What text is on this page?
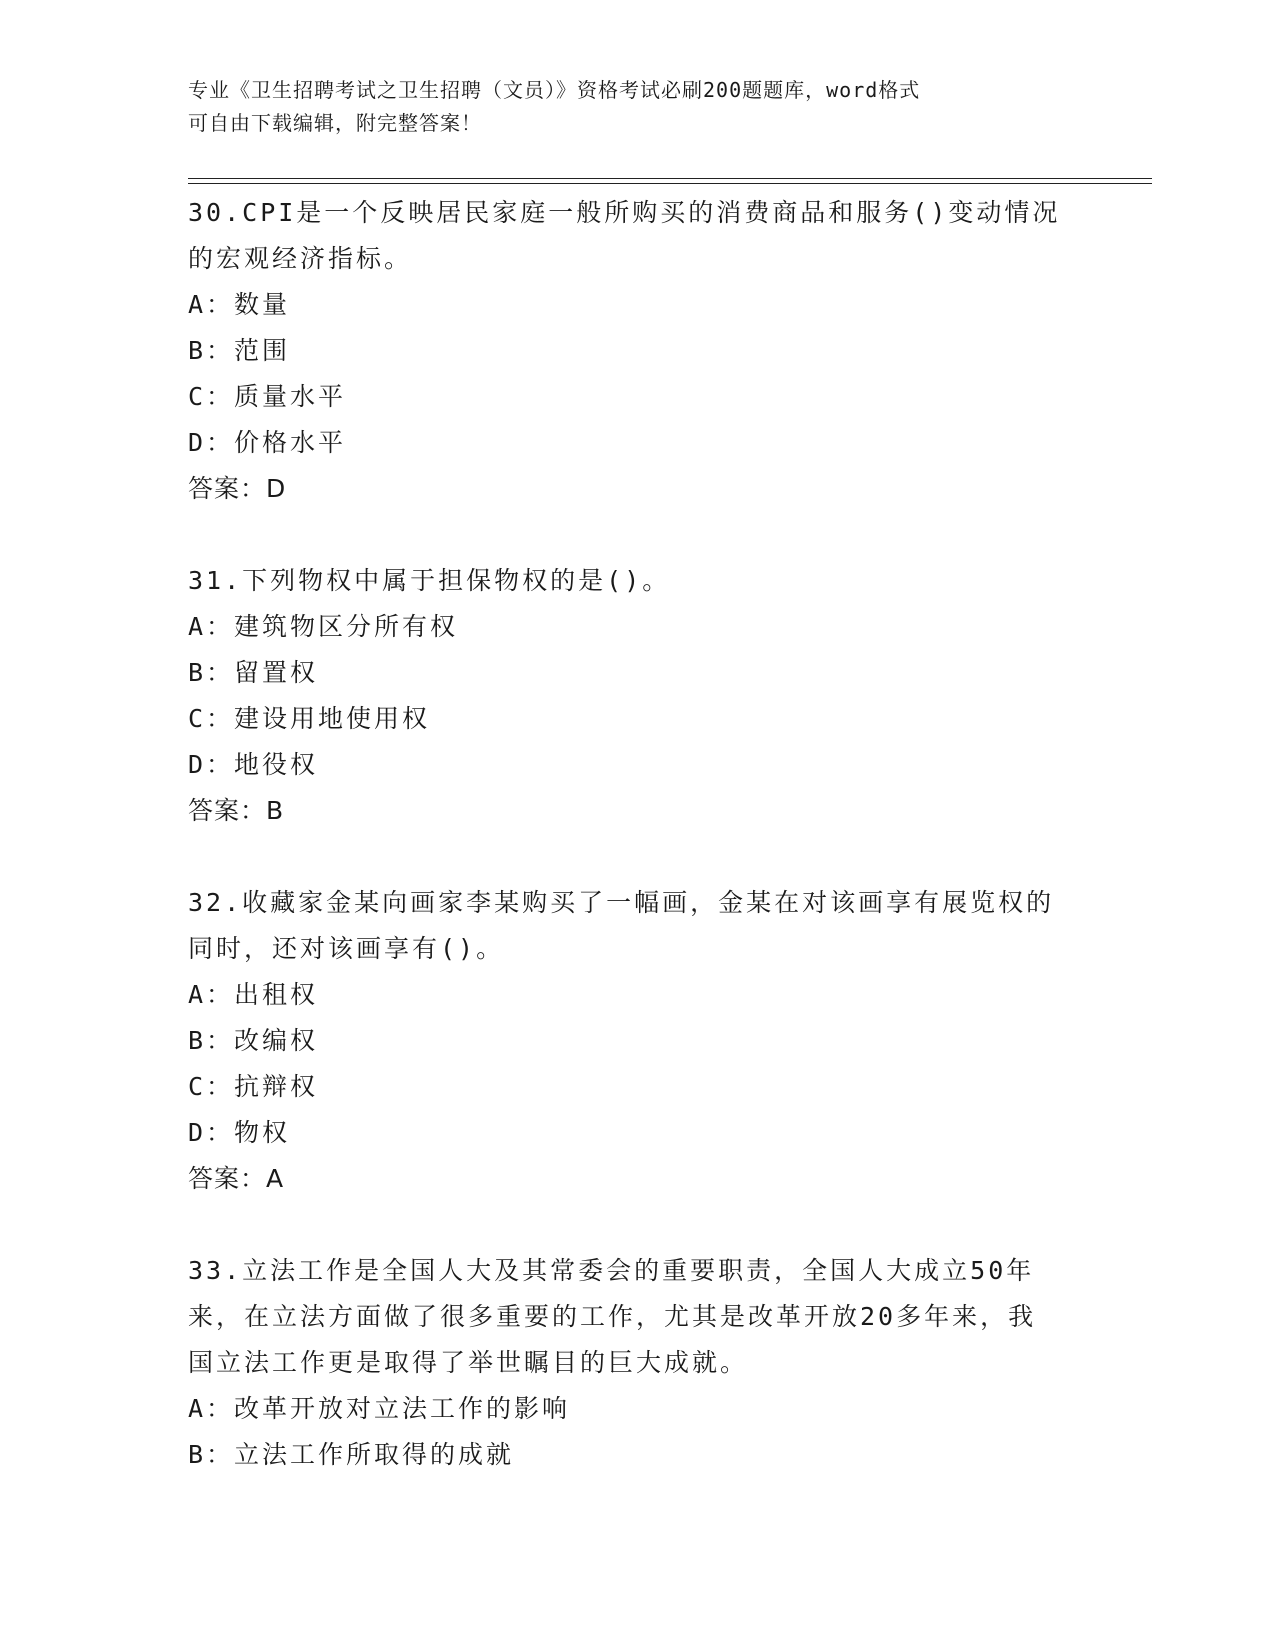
专业《卫生招聘考试之卫生招聘（文员）》资格考试必刷200题题库，word格式
可自由下载编辑，附完整答案！
30.CPI是一个反映居民家庭一般所购买的消费商品和服务()变动情况
的宏观经济指标。
A：数量
B：范围
C：质量水平
D：价格水平
答案：D
31.下列物权中属于担保物权的是()。
A：建筑物区分所有权
B：留置权
C：建设用地使用权
D：地役权
答案：B
32.收藏家金某向画家李某购买了一幅画，金某在对该画享有展览权的
同时，还对该画享有()。
A：出租权
B：改编权
C：抗辩权
D：物权
答案：A
33.立法工作是全国人大及其常委会的重要职责，全国人大成立50年
来，在立法方面做了很多重要的工作，尤其是改革开放20多年来，我
国立法工作更是取得了举世瞩目的巨大成就。
A：改革开放对立法工作的影响
B：立法工作所取得的成就
